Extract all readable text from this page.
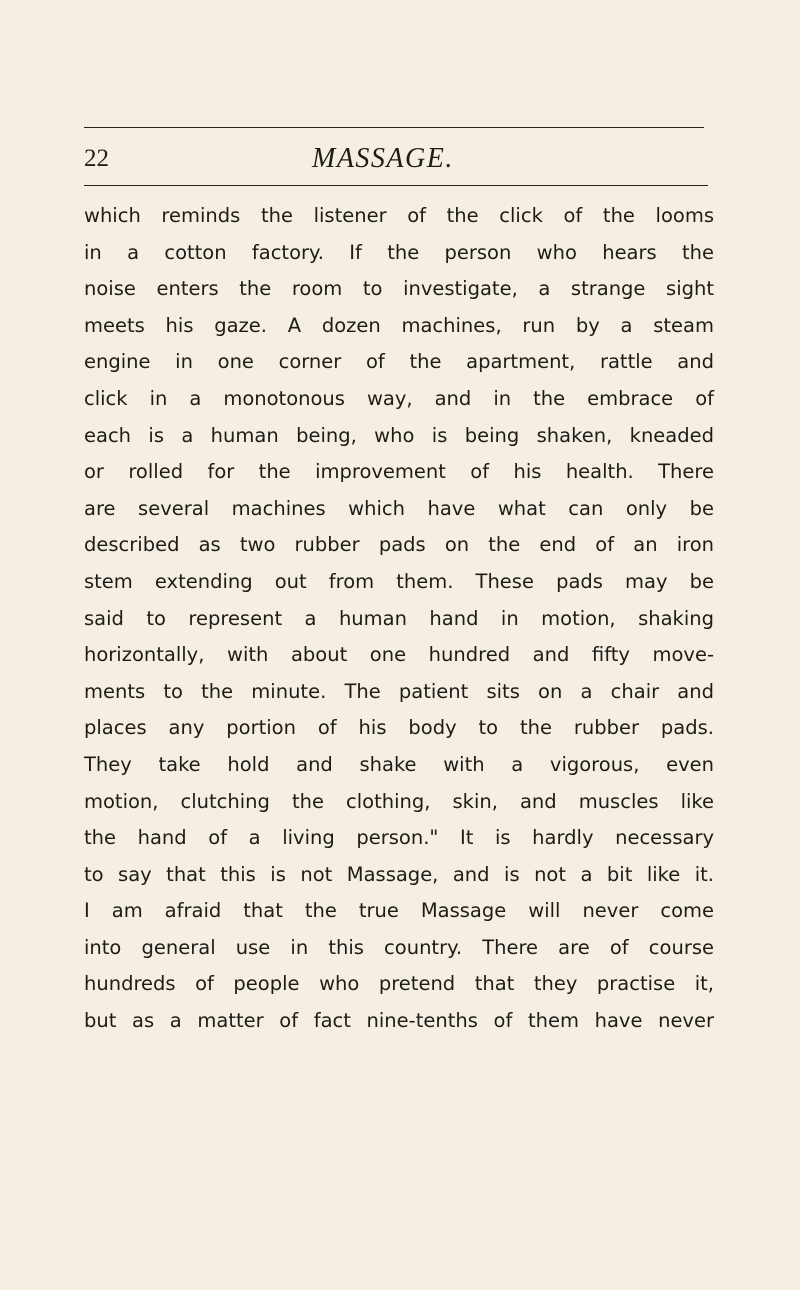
22	MASSAGE.
which reminds the listener of the click of the looms
in a cotton factory. If the person who hears the
noise enters the room to investigate, a strange sight
meets his gaze. A dozen machines, run by a steam
engine in one corner of the apartment, rattle and
click in a monotonous way, and in the embrace of
each is a human being, who is being shaken, kneaded
or rolled for the improvement of his health. There
are several machines which have what can only be
described as two rubber pads on the end of an iron
stem extending out from them. These pads may be
said to represent a human hand in motion, shaking
horizontally, with about one hundred and fifty move-
ments to the minute. The patient sits on a chair and
places any portion of his body to the rubber pads.
They take hold and shake with a vigorous, even
motion, clutching the clothing, skin, and muscles like
the hand of a living person." It is hardly necessary
to say that this is not Massage, and is not a bit like it.
I am afraid that the true Massage will never come
into general use in this country. There are of course
hundreds of people who pretend that they practise it,
but as a matter of fact nine-tenths of them have never
